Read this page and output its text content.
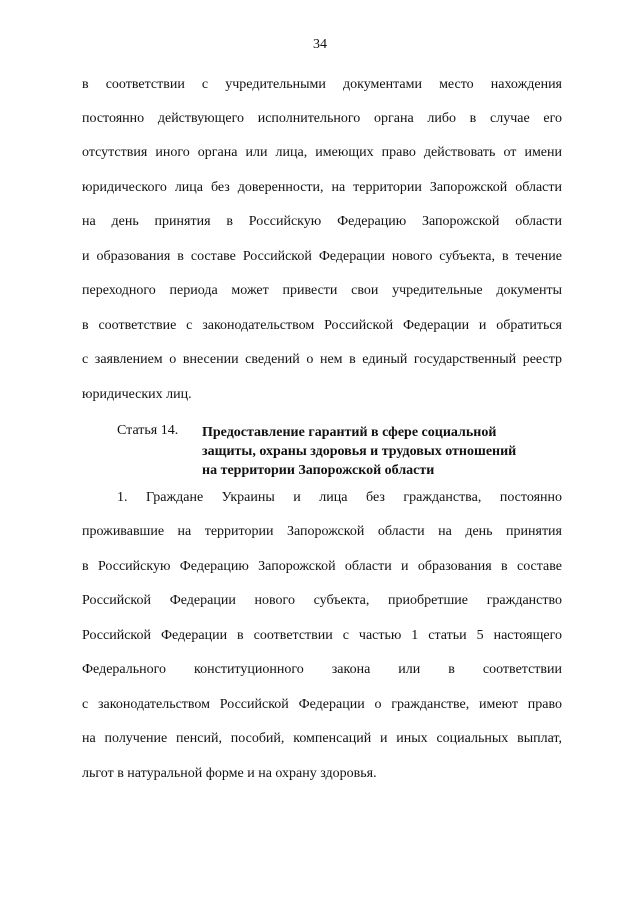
34
в соответствии с учредительными документами место нахождения
постоянно действующего исполнительного органа либо в случае его
отсутствия иного органа или лица, имеющих право действовать от имени
юридического лица без доверенности, на территории Запорожской области
на день принятия в Российскую Федерацию Запорожской области
и образования в составе Российской Федерации нового субъекта, в течение
переходного периода может привести свои учредительные документы
в соответствие с законодательством Российской Федерации и обратиться
с заявлением о внесении сведений о нем в единый государственный реестр
юридических лиц.
Статья 14. Предоставление гарантий в сфере социальной
защиты, охраны здоровья и трудовых отношений
на территории Запорожской области
1. Граждане Украины и лица без гражданства, постоянно
проживавшие на территории Запорожской области на день принятия
в Российскую Федерацию Запорожской области и образования в составе
Российской Федерации нового субъекта, приобретшие гражданство
Российской Федерации в соответствии с частью 1 статьи 5 настоящего
Федерального конституционного закона или в соответствии
с законодательством Российской Федерации о гражданстве, имеют право
на получение пенсий, пособий, компенсаций и иных социальных выплат,
льгот в натуральной форме и на охрану здоровья.
